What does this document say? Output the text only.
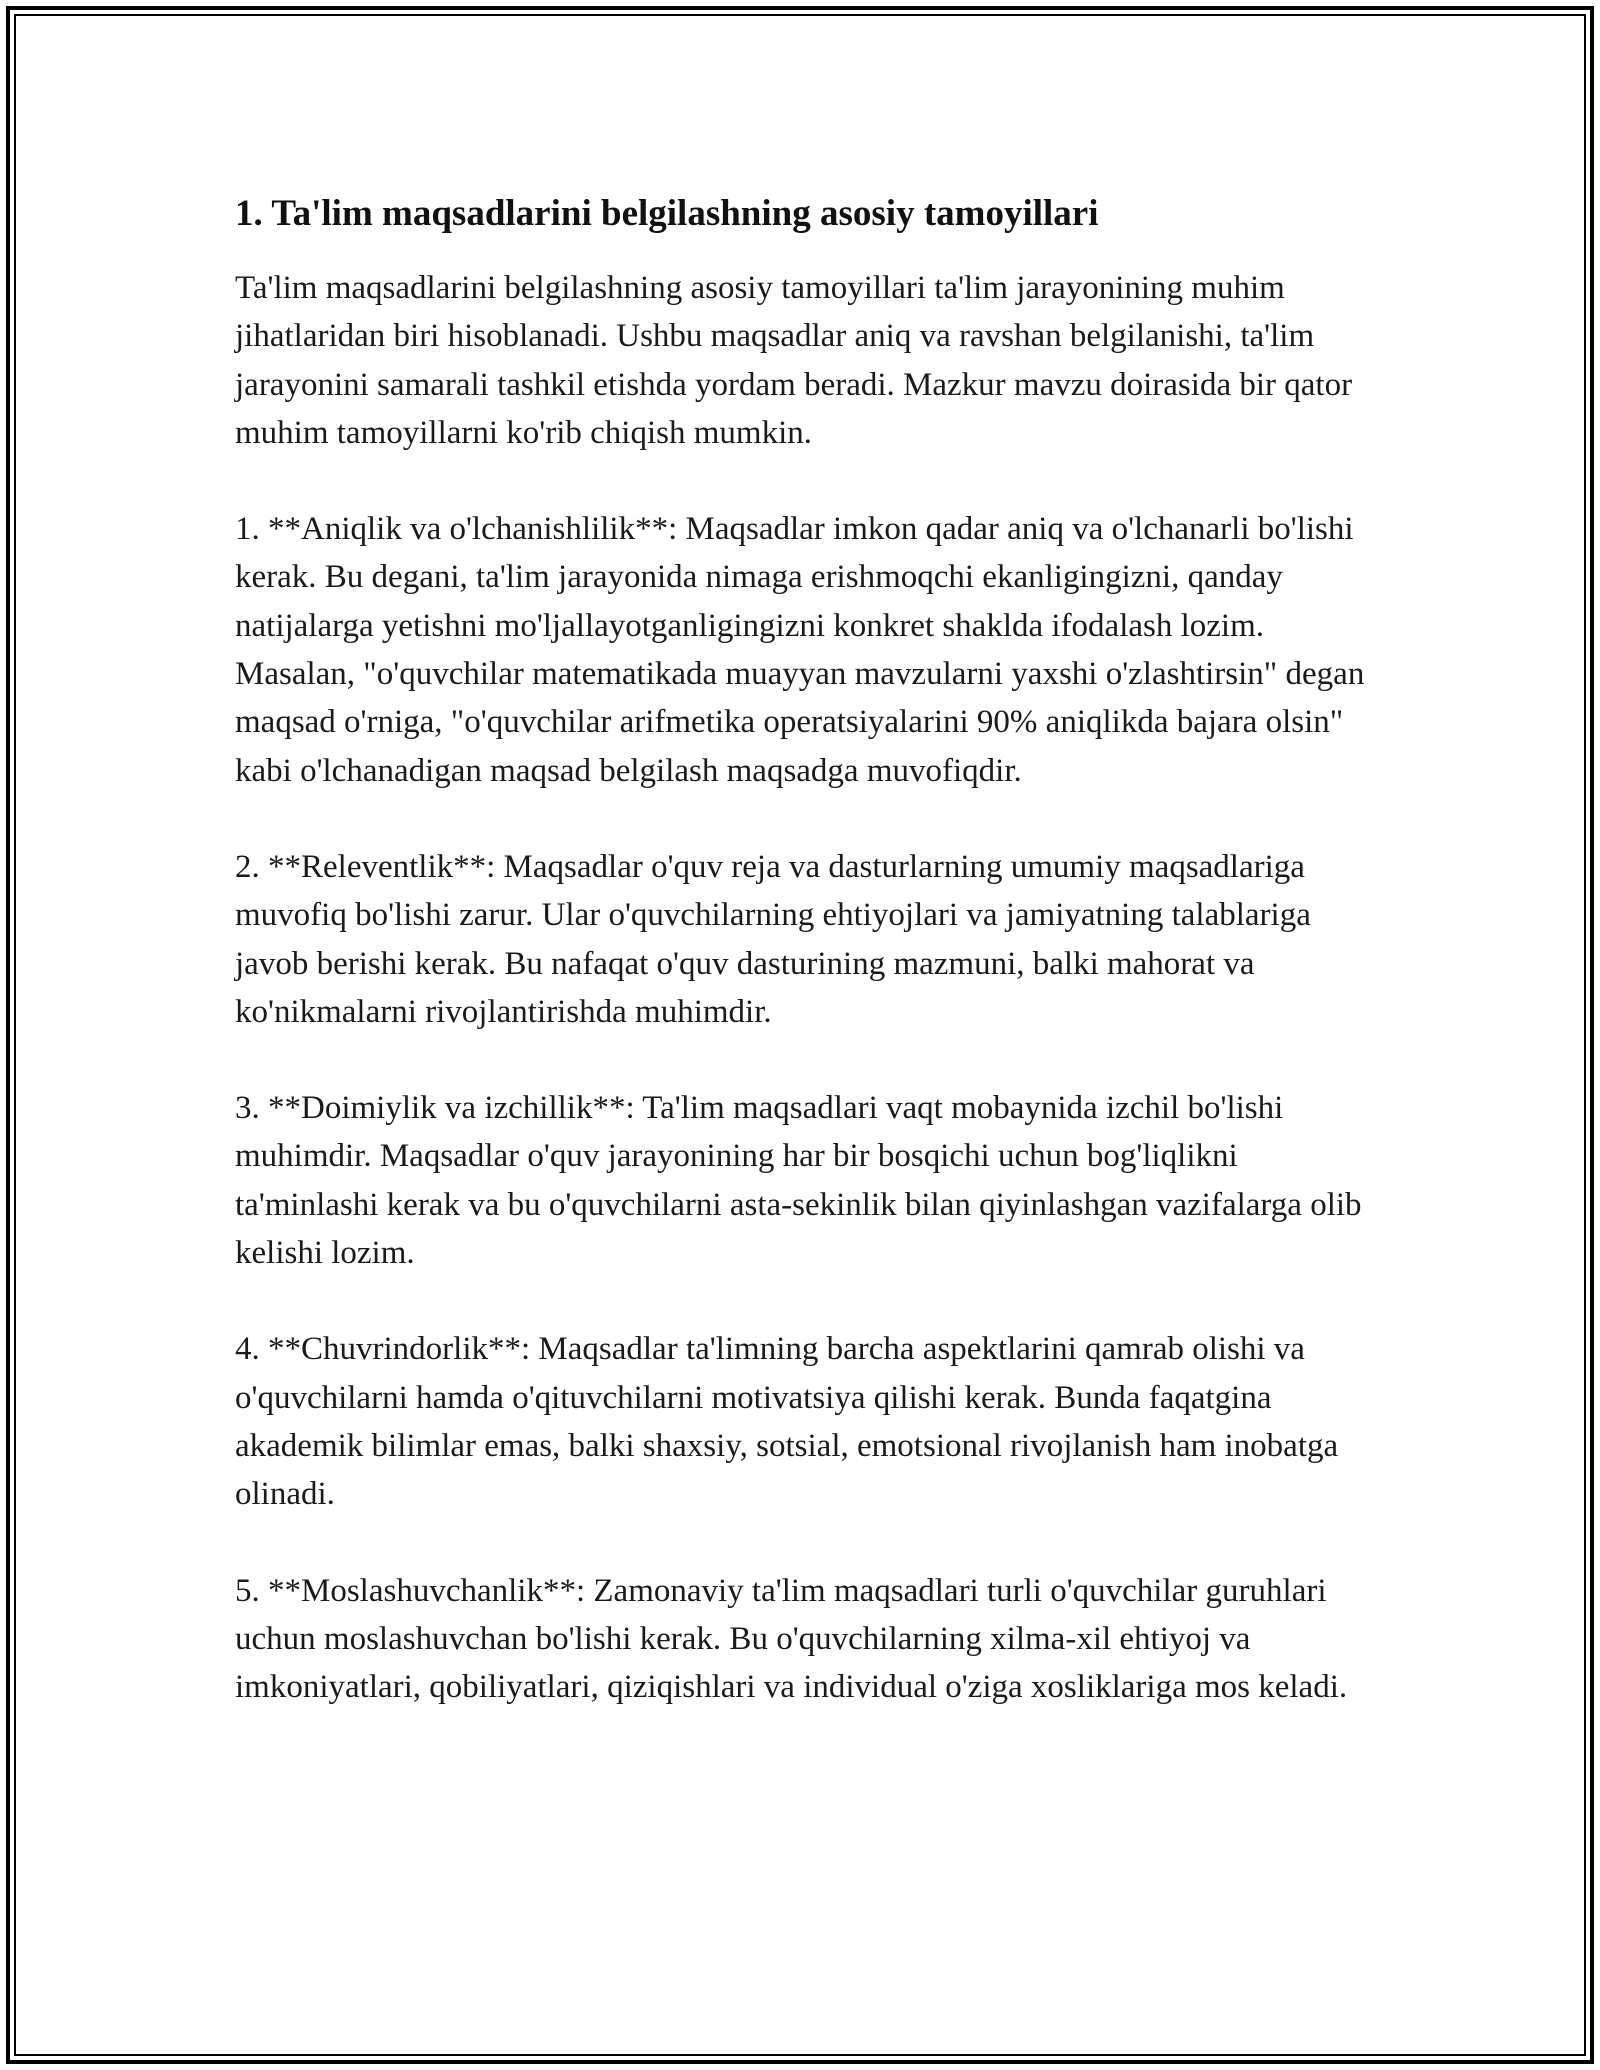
1. Ta'lim maqsadlarini belgilashning asosiy tamoyillari

Ta'lim maqsadlarini belgilashning asosiy tamoyillari ta'lim jarayonining muhim jihatlaridan biri hisoblanadi. Ushbu maqsadlar aniq va ravshan belgilanishi, ta'lim jarayonini samarali tashkil etishda yordam beradi. Mazkur mavzu doirasida bir qator muhim tamoyillarni ko'rib chiqish mumkin.

1. **Aniqlik va o'lchanishlilik**: Maqsadlar imkon qadar aniq va o'lchanarli bo'lishi kerak. Bu degani, ta'lim jarayonida nimaga erishmoqchi ekanligingizni, qanday natijalarga yetishni mo'ljallayotganligingizni konkret shaklda ifodalash lozim. Masalan, "o'quvchilar matematikada muayyan mavzularni yaxshi o'zlashtirsin" degan maqsad o'rniga, "o'quvchilar arifmetika operatsiyalarini 90% aniqlikda bajara olsin" kabi o'lchanadigan maqsad belgilash maqsadga muvofiqdir.

2. **Releventlik**: Maqsadlar o'quv reja va dasturlarning umumiy maqsadlariga muvofiq bo'lishi zarur. Ular o'quvchilarning ehtiyojlari va jamiyatning talablariga javob berishi kerak. Bu nafaqat o'quv dasturining mazmuni, balki mahorat va ko'nikmalarni rivojlantirishda muhimdir.

3. **Doimiylik va izchillik**: Ta'lim maqsadlari vaqt mobaynida izchil bo'lishi muhimdir. Maqsadlar o'quv jarayonining har bir bosqichi uchun bog'liqlikni ta'minlashi kerak va bu o'quvchilarni asta-sekinlik bilan qiyinlashgan vazifalarga olib kelishi lozim.

4. **Chuvrindorlik**: Maqsadlar ta'limning barcha aspektlarini qamrab olishi va o'quvchilarni hamda o'qituvchilarni motivatsiya qilishi kerak. Bunda faqatgina akademik bilimlar emas, balki shaxsiy, sotsial, emotsional rivojlanish ham inobatga olinadi.

5. **Moslashuvchanlik**: Zamonaviy ta'lim maqsadlari turli o'quvchilar guruhlari uchun moslashuvchan bo'lishi kerak. Bu o'quvchilarning xilma-xil ehtiyoj va imkoniyatlari, qobiliyatlari, qiziqishlari va individual o'ziga xosliklariga mos keladi.
